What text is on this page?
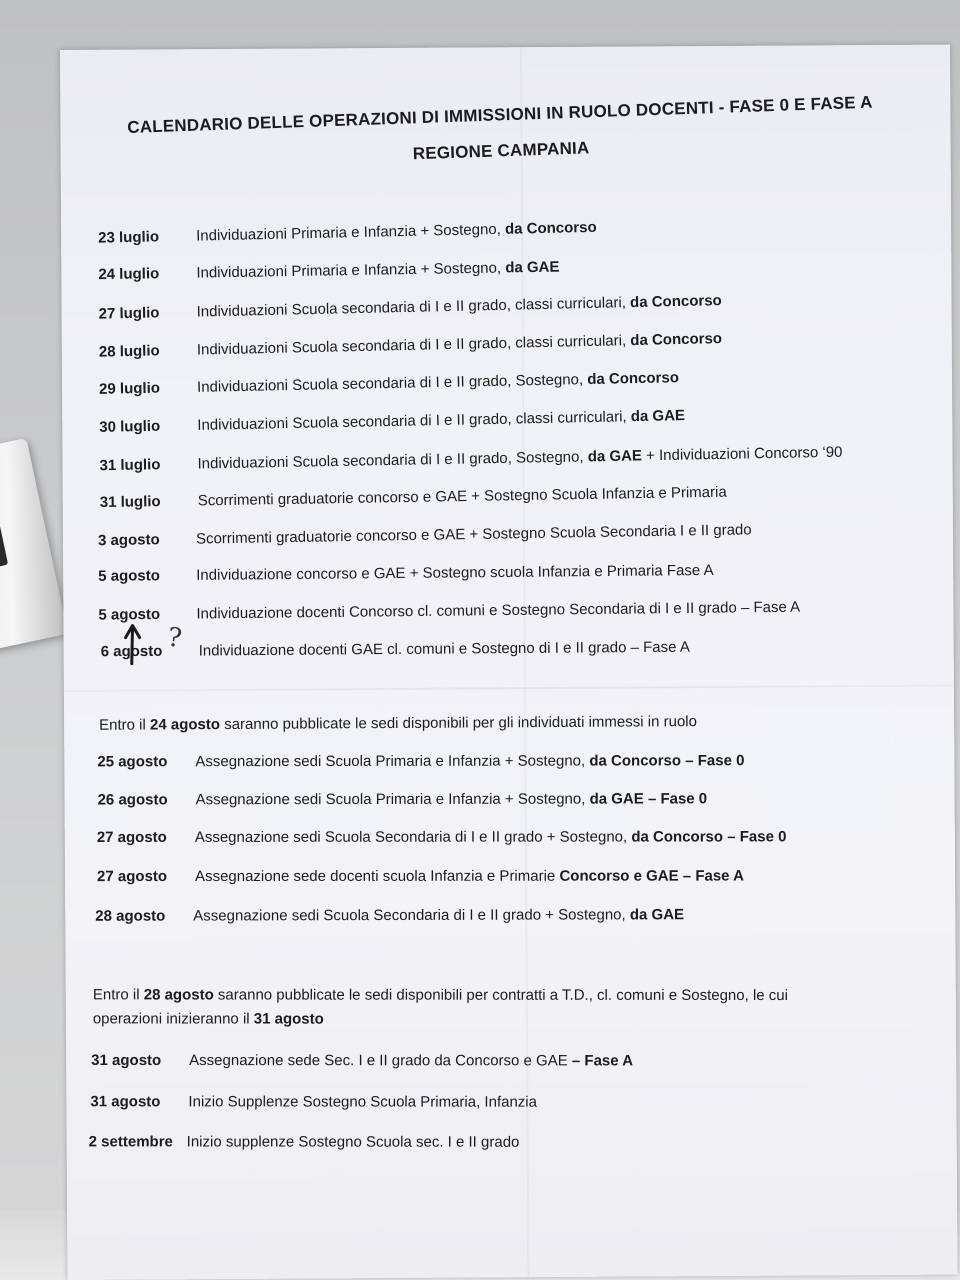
CALENDARIO DELLE OPERAZIONI DI IMMISSIONI IN RUOLO DOCENTI - FASE 0 E FASE A
REGIONE CAMPANIA
23 luglio Individuazioni Primaria e Infanzia + Sostegno, da Concorso
24 luglio Individuazioni Primaria e Infanzia + Sostegno, da GAE
27 luglio Individuazioni Scuola secondaria di I e II grado, classi curriculari, da Concorso
28 luglio Individuazioni Scuola secondaria di I e II grado, classi curriculari, da Concorso
29 luglio Individuazioni Scuola secondaria di I e II grado, Sostegno, da Concorso
30 luglio Individuazioni Scuola secondaria di I e II grado, classi curriculari, da GAE
31 luglio Individuazioni Scuola secondaria di I e II grado, Sostegno, da GAE + Individuazioni Concorso ‘90
31 luglio Scorrimenti graduatorie concorso e GAE + Sostegno Scuola Infanzia e Primaria
3 agosto Scorrimenti graduatorie concorso e GAE + Sostegno Scuola Secondaria I e II grado
5 agosto Individuazione concorso e GAE + Sostegno scuola Infanzia e Primaria Fase A
5 agosto Individuazione docenti Concorso cl. comuni e Sostegno Secondaria di I e II grado – Fase A
6 agosto Individuazione docenti GAE cl. comuni e Sostegno di I e II grado – Fase A
?
Entro il 24 agosto saranno pubblicate le sedi disponibili per gli individuati immessi in ruolo
25 agosto Assegnazione sedi Scuola Primaria e Infanzia + Sostegno, da Concorso – Fase 0
26 agosto Assegnazione sedi Scuola Primaria e Infanzia + Sostegno, da GAE – Fase 0
27 agosto Assegnazione sedi Scuola Secondaria di I e II grado + Sostegno, da Concorso – Fase 0
27 agosto Assegnazione sede docenti scuola Infanzia e Primarie Concorso e GAE – Fase A
28 agosto Assegnazione sedi Scuola Secondaria di I e II grado + Sostegno, da GAE
Entro il 28 agosto saranno pubblicate le sedi disponibili per contratti a T.D., cl. comuni e Sostegno, le cui
operazioni inizieranno il 31 agosto
31 agosto Assegnazione sede Sec. I e II grado da Concorso e GAE – Fase A
31 agosto Inizio Supplenze Sostegno Scuola Primaria, Infanzia
2 settembre Inizio supplenze Sostegno Scuola sec. I e II grado
